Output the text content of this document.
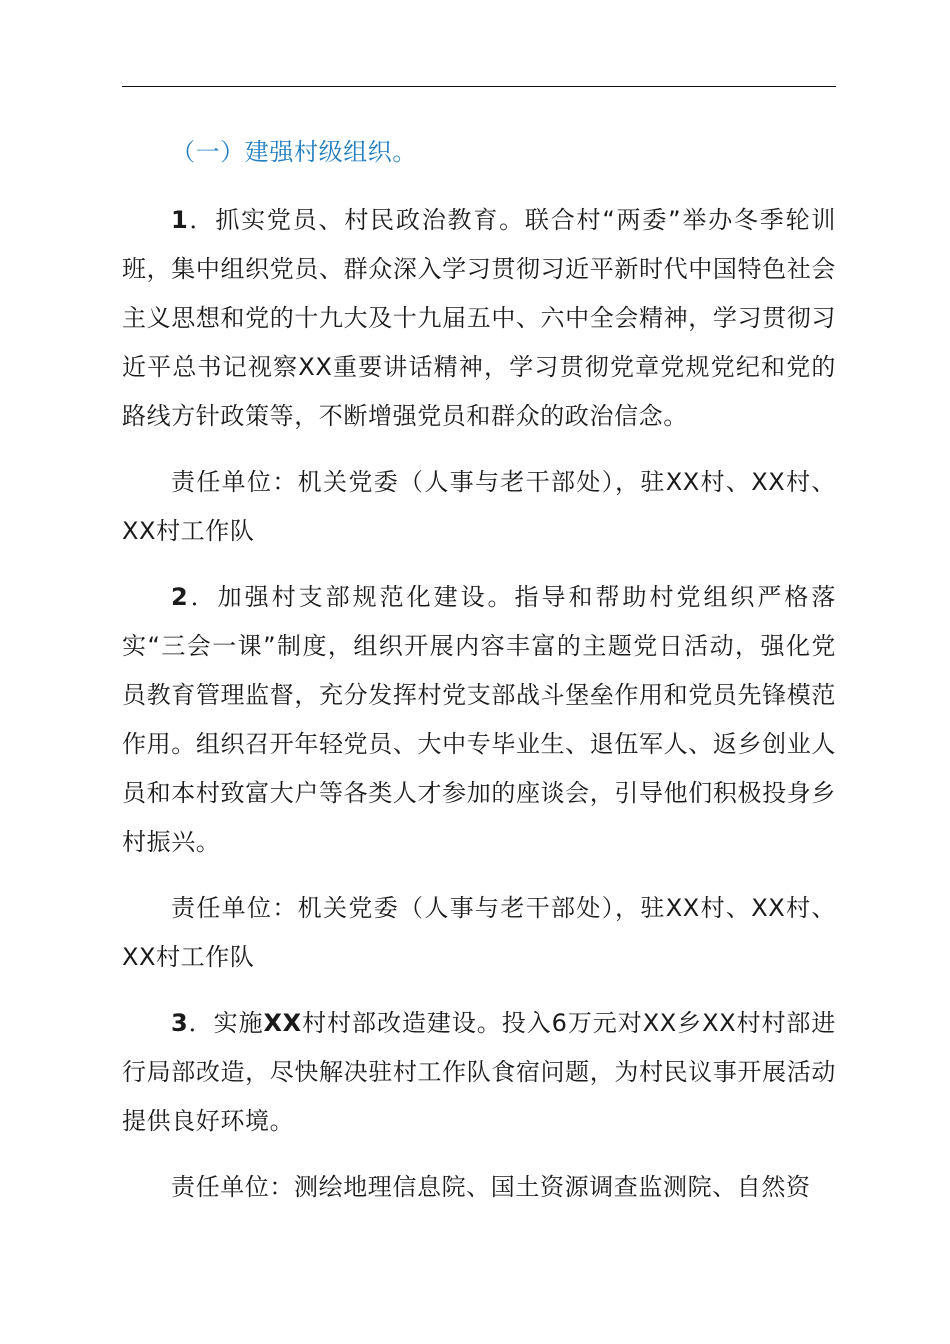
（一）建强村级组织。

1．抓实党员、村民政治教育。联合村“两委”举办冬季轮训班，集中组织党员、群众深入学习贯彻习近平新时代中国特色社会主义思想和党的十九大及十九届五中、六中全会精神，学习贯彻习近平总书记视察XX重要讲话精神，学习贯彻党章党规党纪和党的路线方针政策等，不断增强党员和群众的政治信念。

责任单位：机关党委（人事与老干部处），驻XX村、XX村、XX村工作队

2．加强村支部规范化建设。指导和帮助村党组织严格落实“三会一课”制度，组织开展内容丰富的主题党日活动，强化党员教育管理监督，充分发挥村党支部战斗堡垒作用和党员先锋模范作用。组织召开年轻党员、大中专毕业生、退伍军人、返乡创业人员和本村致富大户等各类人才参加的座谈会，引导他们积极投身乡村振兴。

责任单位：机关党委（人事与老干部处），驻XX村、XX村、XX村工作队

3．实施XX村村部改造建设。投入6万元对XX乡XX村村部进行局部改造，尽快解决驻村工作队食宿问题，为村民议事开展活动提供良好环境。

责任单位：测绘地理信息院、国土资源调查监测院、自然资
